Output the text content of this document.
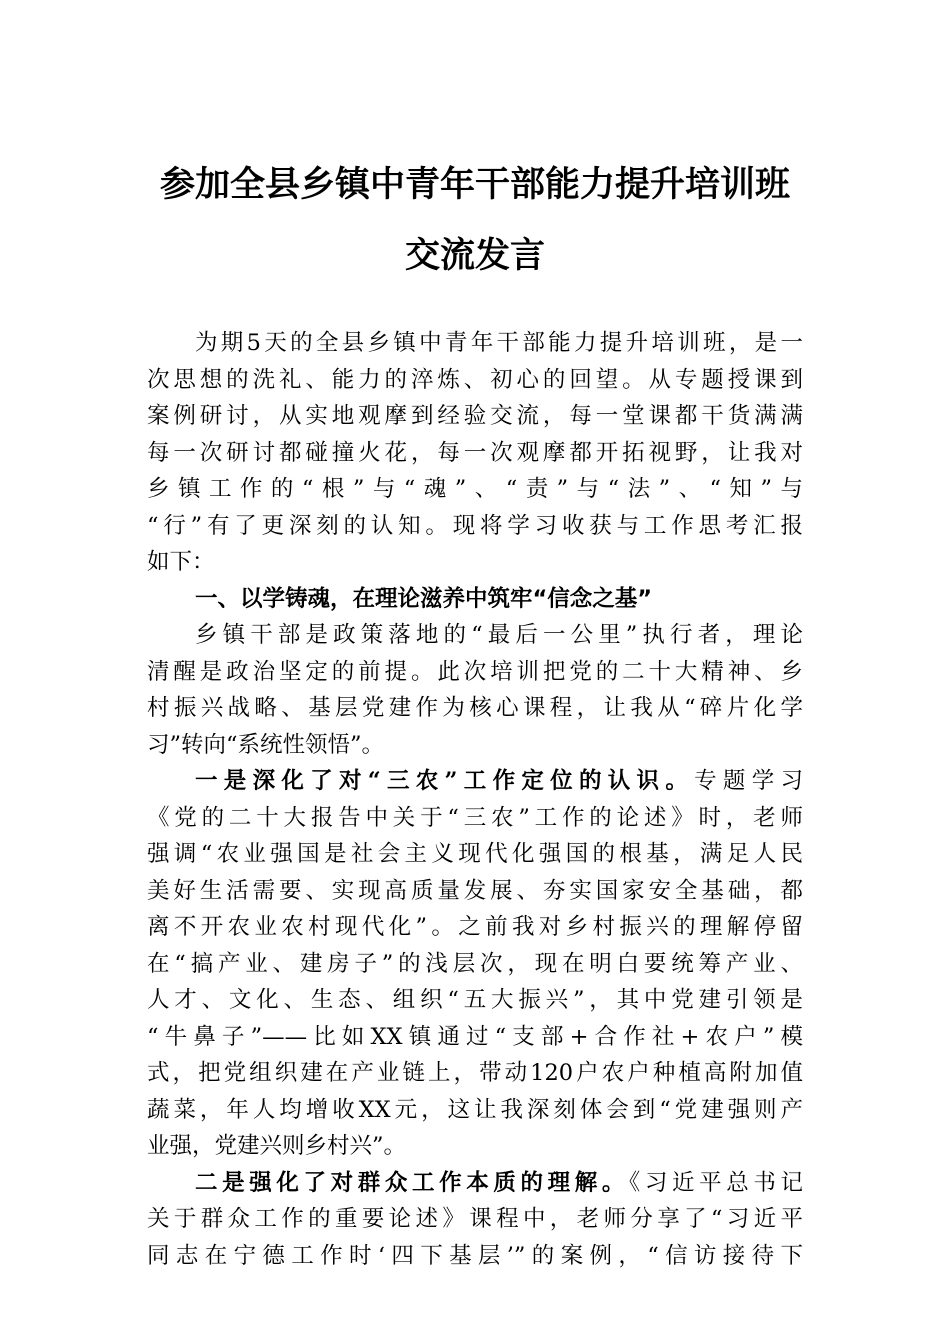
参加全县乡镇中青年干部能力提升培训班
交流发言
为期5天的全县乡镇中青年干部能力提升培训班，是一
次思想的洗礼、能力的淬炼、初心的回望。从专题授课到
案例研讨，从实地观摩到经验交流，每一堂课都干货满满
每一次研讨都碰撞火花，每一次观摩都开拓视野，让我对
乡镇工作的“根”与“魂”、“责”与“法”、“知”与
“行”有了更深刻的认知。现将学习收获与工作思考汇报
如下：
一、以学铸魂，在理论滋养中筑牢“信念之基”
乡镇干部是政策落地的“最后一公里”执行者，理论
清醒是政治坚定的前提。此次培训把党的二十大精神、乡
村振兴战略、基层党建作为核心课程，让我从“碎片化学
习”转向“系统性领悟”。
一是深化了对“三农”工作定位的认识。专题学习
《党的二十大报告中关于“三农”工作的论述》时，老师
强调“农业强国是社会主义现代化强国的根基，满足人民
美好生活需要、实现高质量发展、夯实国家安全基础，都
离不开农业农村现代化”。之前我对乡村振兴的理解停留
在“搞产业、建房子”的浅层次，现在明白要统筹产业、
人才、文化、生态、组织“五大振兴”，其中党建引领是
“牛鼻子”——比如XX镇通过“支部+合作社+农户”模
式，把党组织建在产业链上，带动120户农户种植高附加值
蔬菜，年人均增收XX元，这让我深刻体会到“党建强则产
业强，党建兴则乡村兴”。
二是强化了对群众工作本质的理解。《习近平总书记
关于群众工作的重要论述》课程中，老师分享了“习近平
同志在宁德工作时‘四下基层’”的案例，“信访接待下
